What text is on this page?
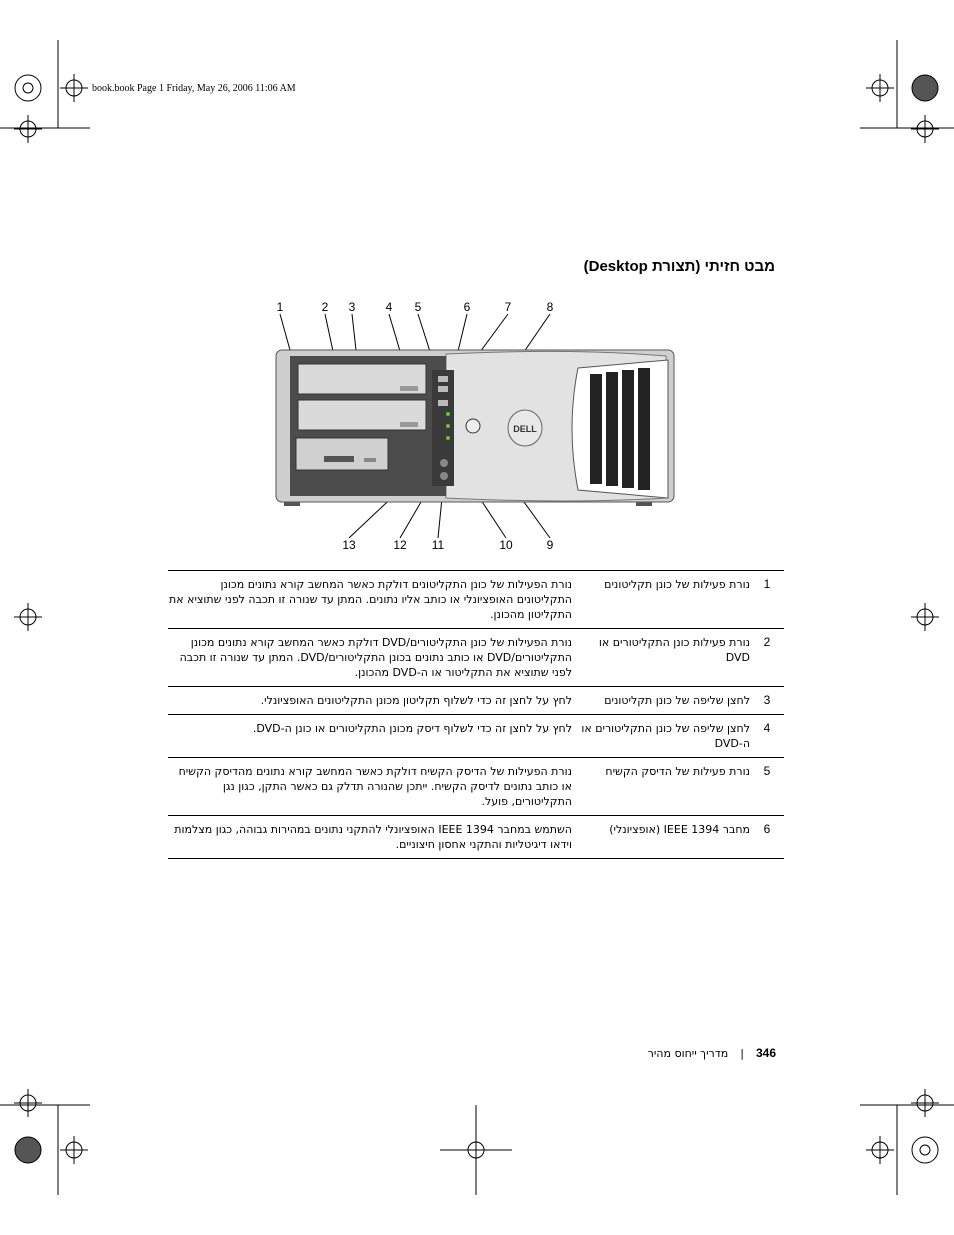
book.book Page 1 Friday, May 26, 2006 11:06 AM
מבט חזיתי (תצורת Desktop)
DELL
1	2 3	4 5	6	7	8
9
10
11
12
13
1	נורת פעילות של כונן תקליטונים	נורת הפעילות של כונן התקליטונים דולקת כאשר המחשב קורא נתונים מכונן התקליטונים האופציונלי או כותב אליו נתונים. המתן עד שנורה זו תכבה לפני שתוציא את התקליטון מהכונן.
2	נורת פעילות כונן התקליטורים או DVD	נורת הפעילות של כונן התקליטורים/DVD דולקת כאשר המחשב קורא נתונים מכונן התקליטורים/DVD או כותב נתונים בכונן התקליטורים/DVD. המתן עד שנורה זו תכבה לפני שתוציא את התקליטור או ה-DVD מהכונן.
3	לחצן שליפה של כונן תקליטונים	לחץ על לחצן זה כדי לשלוף תקליטון מכונן התקליטונים האופציונלי.
4	לחצן שליפה של כונן התקליטורים או ה-DVD	לחץ על לחצן זה כדי לשלוף דיסק מכונן התקליטורים או כונן ה-DVD.
5	נורת פעילות של הדיסק הקשיח	נורת הפעילות של הדיסק הקשיח דולקת כאשר המחשב קורא נתונים מהדיסק הקשיח או כותב נתונים לדיסק הקשיח. ייתכן שהנורה תדלק גם כאשר התקן, כגון נגן התקליטורים, פועל.
6	מחבר IEEE 1394 (אופציונלי)	השתמש במחבר IEEE 1394 האופציונלי להתקני נתונים במהירות גבוהה, כגון מצלמות וידאו דיגיטליות והתקני אחסון חיצוניים.
346|מדריך ייחוס מהיר
